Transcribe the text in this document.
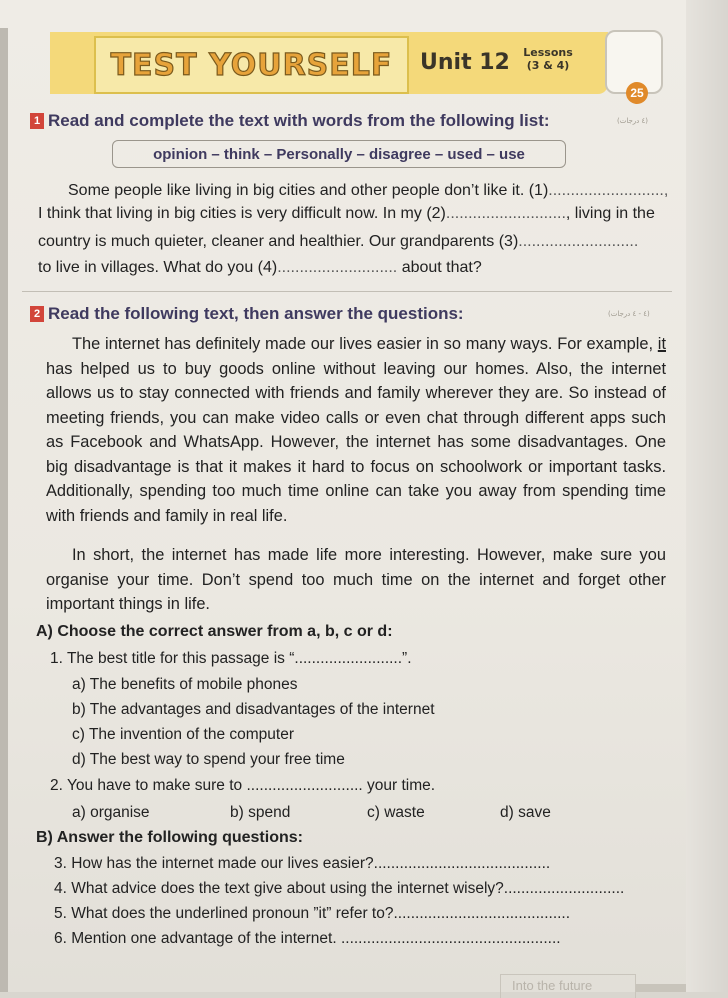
TEST YOURSELF Unit 12	Lessons
(3 & 4)
25
1 Read and complete the text with words from the following list:	(٤ درجات)
opinion – think – Personally – disagree – used – use
Some people like living in big cities and other people don’t like it. (1)..........................,
I think that living in big cities is very difficult now. In my (2)..........................., living in the
country is much quieter, cleaner and healthier. Our grandparents (3)...........................
to live in villages. What do you (4)........................... about that?
2 Read the following text, then answer the questions:	(٤ - ٤ درجات)
The internet has definitely made our lives easier in so many ways. For example, it has helped us to buy goods online without leaving our homes. Also, the internet allows us to stay connected with friends and family wherever they are. So instead of meeting friends, you can make video calls or even chat through different apps such as Facebook and WhatsApp. However, the internet has some disadvantages. One big disadvantage is that it makes it hard to focus on schoolwork or important tasks. Additionally, spending too much time online can take you away from spending time with friends and family in real life.
In short, the internet has made life more interesting. However, make sure you organise your time. Don’t spend too much time on the internet and forget other important things in life.
A) Choose the correct answer from a, b, c or d:
1. The best title for this passage is “.........................”.
a) The benefits of mobile phones
b) The advantages and disadvantages of the internet
c) The invention of the computer
d) The best way to spend your free time
2. You have to make sure to ........................... your time.
a) organise	b) spend	c) waste	d) save
B) Answer the following questions:
3. How has the internet made our lives easier?.........................................
4. What advice does the text give about using the internet wisely?............................
5. What does the underlined pronoun ”it” refer to?.........................................
6. Mention one advantage of the internet. ...................................................
Into the future
